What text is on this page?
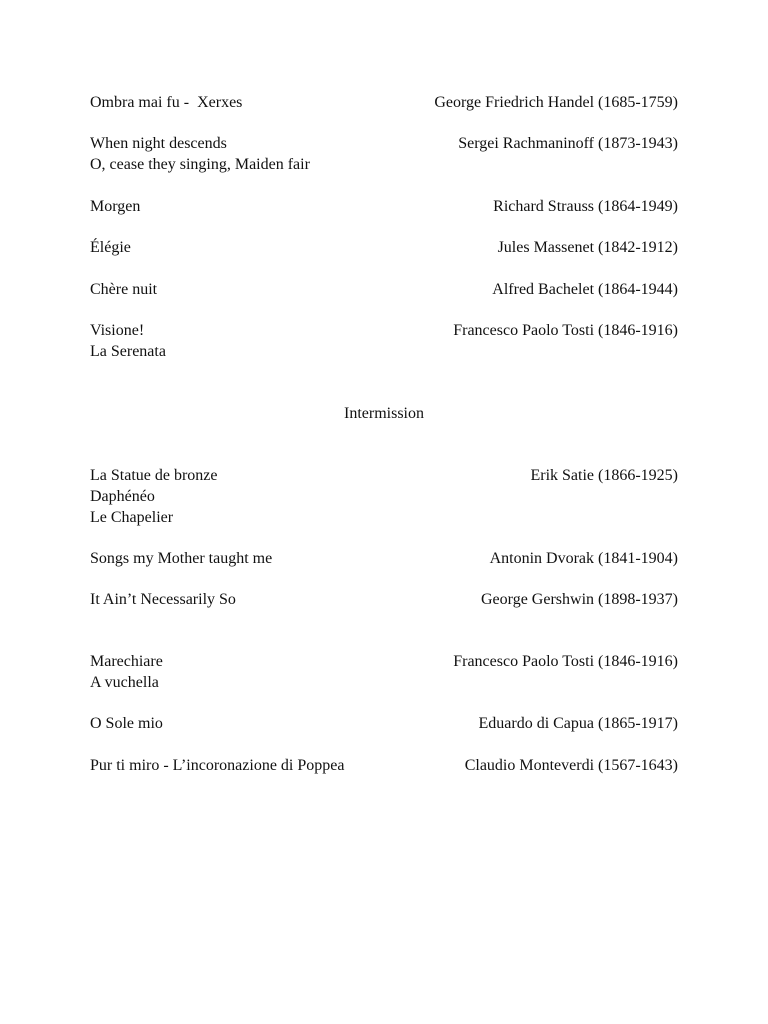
Ombra mai fu -  Xerxes	George Friedrich Handel (1685-1759)
When night descends	Sergei Rachmaninoff (1873-1943)
O, cease they singing, Maiden fair
Morgen	Richard Strauss (1864-1949)
Élégie	Jules Massenet (1842-1912)
Chère nuit	Alfred Bachelet (1864-1944)
Visione!	Francesco Paolo Tosti (1846-1916)
La Serenata
Intermission
La Statue de bronze	Erik Satie (1866-1925)
Daphénéo
Le Chapelier
Songs my Mother taught me	Antonin Dvorak (1841-1904)
It Ain’t Necessarily So	George Gershwin (1898-1937)
Marechiare	Francesco Paolo Tosti (1846-1916)
A vuchella
O Sole mio	Eduardo di Capua (1865-1917)
Pur ti miro - L’incoronazione di Poppea	Claudio Monteverdi (1567-1643)
